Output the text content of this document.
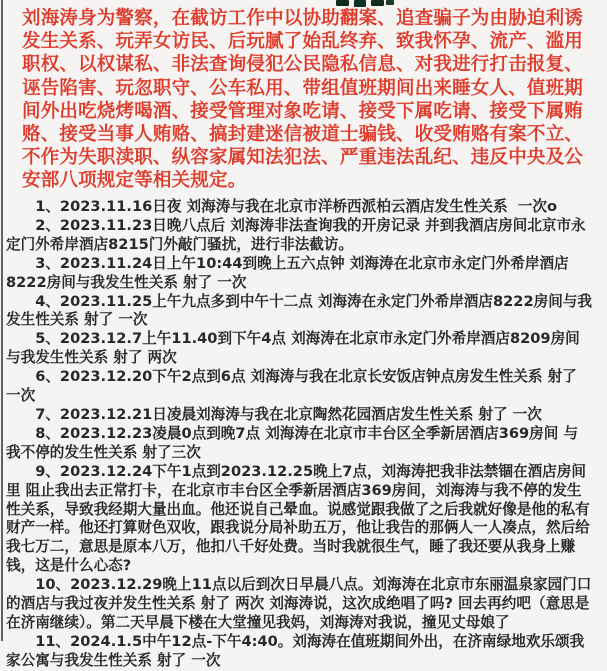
刘海涛身为警察，在截访工作中以协助翻案、追查骗子为由胁迫利诱
发生关系、玩弄女访民、后玩腻了始乱终弃、致我怀孕、流产、滥用
职权、以权谋私、非法查询侵犯公民隐私信息、对我进行打击报复、
诬告陷害、玩忽职守、公车私用、带组值班期间出来睡女人、值班期
间外出吃烧烤喝酒、接受管理对象吃请、接受下属吃请、接受下属贿
赂、接受当事人贿赂、搞封建迷信被道士骗钱、收受贿赂有案不立、
不作为失职渎职、纵容家属知法犯法、严重违法乱纪、违反中央及公
安部八项规定等相关规定。

1、2023.11.16日夜 刘海涛与我在北京市洋桥西派柏云酒店发生性关系  一次o

2、2023.11.23日晚八点后 刘海涛非法查询我的开房记录 并到我酒店房间北京市永定门外希岸酒店8215门外敲门骚扰，进行非法截访。

3、2023.11.24日上午10:44到晚上五六点钟 刘海涛在北京市永定门外希岸酒店8222房间与我发生性关系 射了 一次

4、2023.11.25上午九点多到中午十二点 刘海涛在永定门外希岸酒店8222房间与我发生性关系 射了 一次

5、2023.12.7上午11.40到下午4点 刘海涛在北京市永定门外希岸酒店8209房间与我发生性关系 射了 两次

6、2023.12.20下午2点到6点 刘海涛与我在北京长安饭店钟点房发生性关系 射了 一次

7、2023.12.21日凌晨刘海涛与我在北京陶然花园酒店发生性关系 射了 一次

8、2023.12.23凌晨0点到晚7点 刘海涛在北京市丰台区全季新居酒店369房间 与我不停的发生性关系 射了三次

9、2023.12.24下午1点到2023.12.25晚上7点，刘海涛把我非法禁锢在酒店房间里 阻止我出去正常打卡，在北京市丰台区全季新居酒店369房间，刘海涛与我不停的发生性关系，导致我经期大量出血。他还说自己晕血。说感觉跟我做了之后我就好像是他的私有财产一样。他还打算财色双收，跟我说分局补助五万，他让我告的那俩人一人凑点，然后给我七万二，意思是原本八万，他扣八千好处费。当时我就很生气，睡了我还要从我身上赚钱，这是什么心态?

10、2023.12.29晚上11点以后到次日早晨八点。刘海涛在北京市东丽温泉家园门口的酒店与我过夜并发生性关系 射了 两次 刘海涛说，这次成绝唱了吗? 回去再约吧（意思是在济南继续）。第二天早晨下楼在大堂撞见我妈，刘海涛对我说，撞见丈母娘了

11、2024.1.5中午12点-下午4:40。刘海涛在值班期间外出，在济南绿地欢乐颂我家公寓与我发生性关系 射了 一次
